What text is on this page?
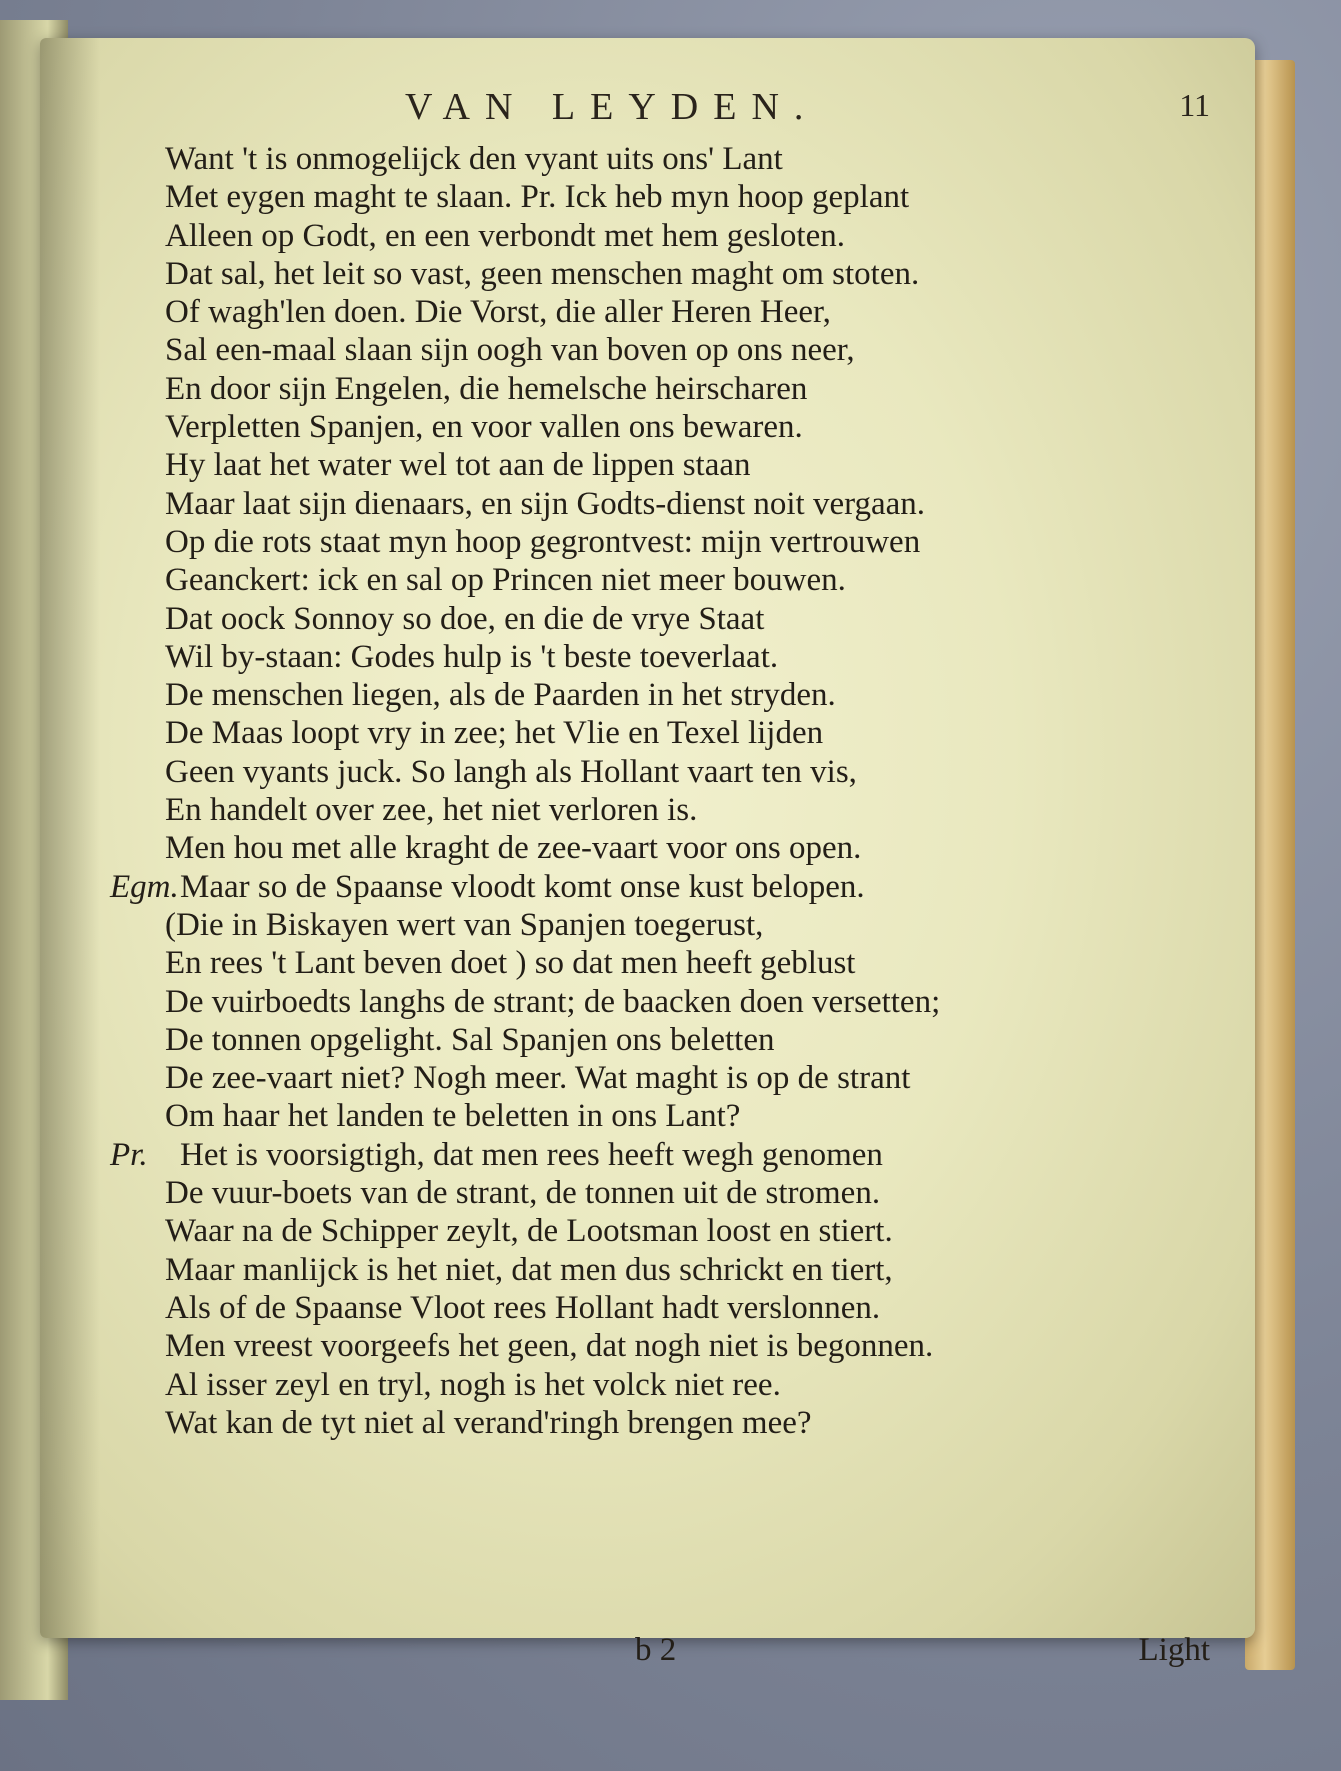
VAN LEYDEN.	11
Want 't is onmogelijck den vyant uits ons' Lant
Met eygen maght te slaan. Pr. Ick heb myn hoop geplant
Alleen op Godt, en een verbondt met hem gesloten.
Dat sal, het leit so vast, geen menschen maght om stoten.
Of wagh'len doen. Die Vorst, die aller Heren Heer,
Sal een-maal slaan sijn oogh van boven op ons neer,
En door sijn Engelen, die hemelsche heirscharen
Verpletten Spanjen, en voor vallen ons bewaren.
Hy laat het water wel tot aan de lippen staan
Maar laat sijn dienaars, en sijn Godts-dienst noit vergaan.
Op die rots staat myn hoop gegrontvest: mijn vertrouwen
Geanckert: ick en sal op Princen niet meer bouwen.
Dat oock Sonnoy so doe, en die de vrye Staat
Wil by-staan: Godes hulp is 't beste toeverlaat.
De menschen liegen, als de Paarden in het stryden.
De Maas loopt vry in zee; het Vlie en Texel lijden
Geen vyants juck. So langh als Hollant vaart ten vis,
En handelt over zee, het niet verloren is.
Men hou met alle kraght de zee-vaart voor ons open.
Egm. Maar so de Spaanse vloodt komt onse kust belopen.
(Die in Biskayen wert van Spanjen toegerust,
En rees 't Lant beven doet ) so dat men heeft geblust
De vuirboedts langhs de strant; de baacken doen versetten;
De tonnen opgelight. Sal Spanjen ons beletten
De zee-vaart niet? Nogh meer. Wat maght is op de strant
Om haar het landen te beletten in ons Lant?
Pr. Het is voorsigtigh, dat men rees heeft wegh genomen
De vuur-boets van de strant, de tonnen uit de stromen.
Waar na de Schipper zeylt, de Lootsman loost en stiert.
Maar manlijck is het niet, dat men dus schrickt en tiert,
Als of de Spaanse Vloot rees Hollant hadt verslonnen.
Men vreest voorgeefs het geen, dat nogh niet is begonnen.
Al isser zeyl en tryl, nogh is het volck niet ree.
Wat kan de tyt niet al verand'ringh brengen mee?
b 2	Light
